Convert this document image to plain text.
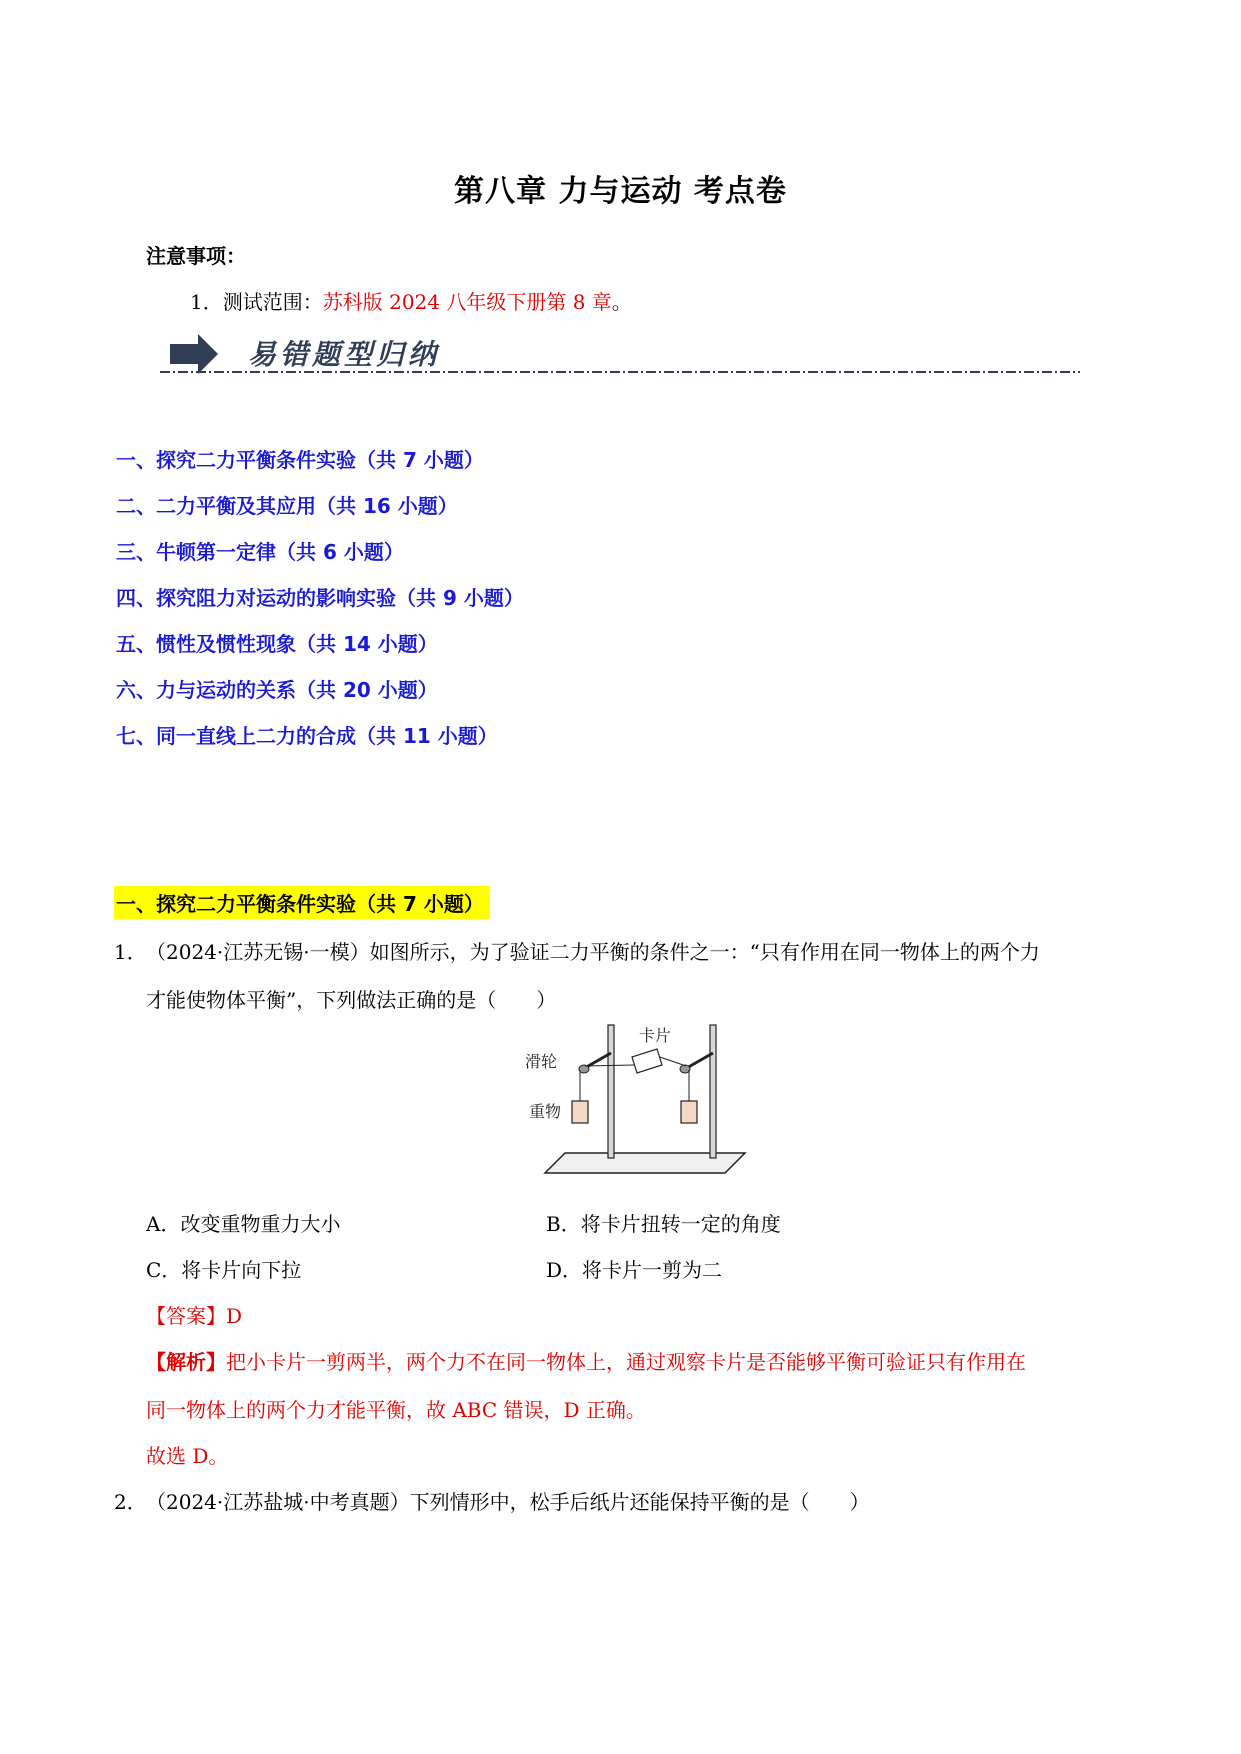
第八章 力与运动 考点卷
注意事项：
1．测试范围：苏科版 2024 八年级下册第 8 章。
易错题型归纳
一、探究二力平衡条件实验（共 7 小题）
二、二力平衡及其应用（共 16 小题）
三、牛顿第一定律（共 6 小题）
四、探究阻力对运动的影响实验（共 9 小题）
五、惯性及惯性现象（共 14 小题）
六、力与运动的关系（共 20 小题）
七、同一直线上二力的合成（共 11 小题）
一、探究二力平衡条件实验（共 7 小题）
1． （2024·江苏无锡·一模）如图所示，为了验证二力平衡的条件之一：“只有作用在同一物体上的两个力
才能使物体平衡”，下列做法正确的是（　　）
卡片
滑轮
重物
A．改变重物重力大小	B．将卡片扭转一定的角度
C．将卡片向下拉	D．将卡片一剪为二
【答案】D
【解析】把小卡片一剪两半，两个力不在同一物体上，通过观察卡片是否能够平衡可验证只有作用在
同一物体上的两个力才能平衡，故 ABC 错误，D 正确。
故选 D。
2． （2024·江苏盐城·中考真题）下列情形中，松手后纸片还能保持平衡的是（　　）
